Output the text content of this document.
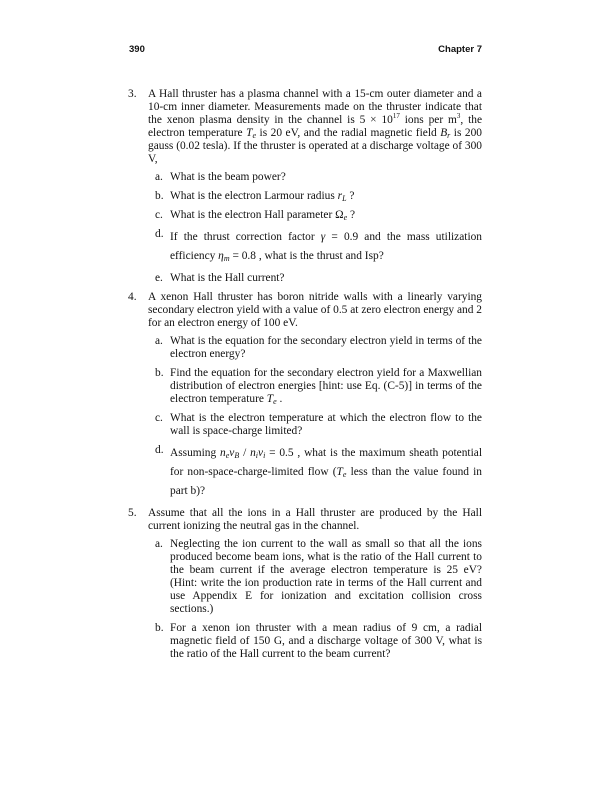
390	Chapter 7
3. A Hall thruster has a plasma channel with a 15-cm outer diameter and a 10-cm inner diameter. Measurements made on the thruster indicate that the xenon plasma density in the channel is $5 \times 10^{17}$ ions per $m^3$, the electron temperature $T_e$ is 20 eV, and the radial magnetic field $B_r$ is 200 gauss (0.02 tesla). If the thruster is operated at a discharge voltage of 300 V,
a. What is the beam power?
b. What is the electron Larmour radius $r_L$ ?
c. What is the electron Hall parameter $\Omega_e$ ?
d. If the thrust correction factor γ = 0.9 and the mass utilization efficiency $\eta_m = 0.8$ , what is the thrust and Isp?
e. What is the Hall current?
4. A xenon Hall thruster has boron nitride walls with a linearly varying secondary electron yield with a value of 0.5 at zero electron energy and 2 for an electron energy of 100 eV.
a. What is the equation for the secondary electron yield in terms of the electron energy?
b. Find the equation for the secondary electron yield for a Maxwellian distribution of electron energies [hint: use Eq. (C-5)] in terms of the electron temperature $T_e$ .
c. What is the electron temperature at which the electron flow to the wall is space-charge limited?
d. Assuming $n_ev_B / n_iv_i = 0.5$ , what is the maximum sheath potential for non-space-charge-limited flow ($T_e$ less than the value found in part b)?
5. Assume that all the ions in a Hall thruster are produced by the Hall current ionizing the neutral gas in the channel.
a. Neglecting the ion current to the wall as small so that all the ions produced become beam ions, what is the ratio of the Hall current to the beam current if the average electron temperature is 25 eV? (Hint: write the ion production rate in terms of the Hall current and use Appendix E for ionization and excitation collision cross sections.)
b. For a xenon ion thruster with a mean radius of 9 cm, a radial magnetic field of 150 G, and a discharge voltage of 300 V, what is the ratio of the Hall current to the beam current?
